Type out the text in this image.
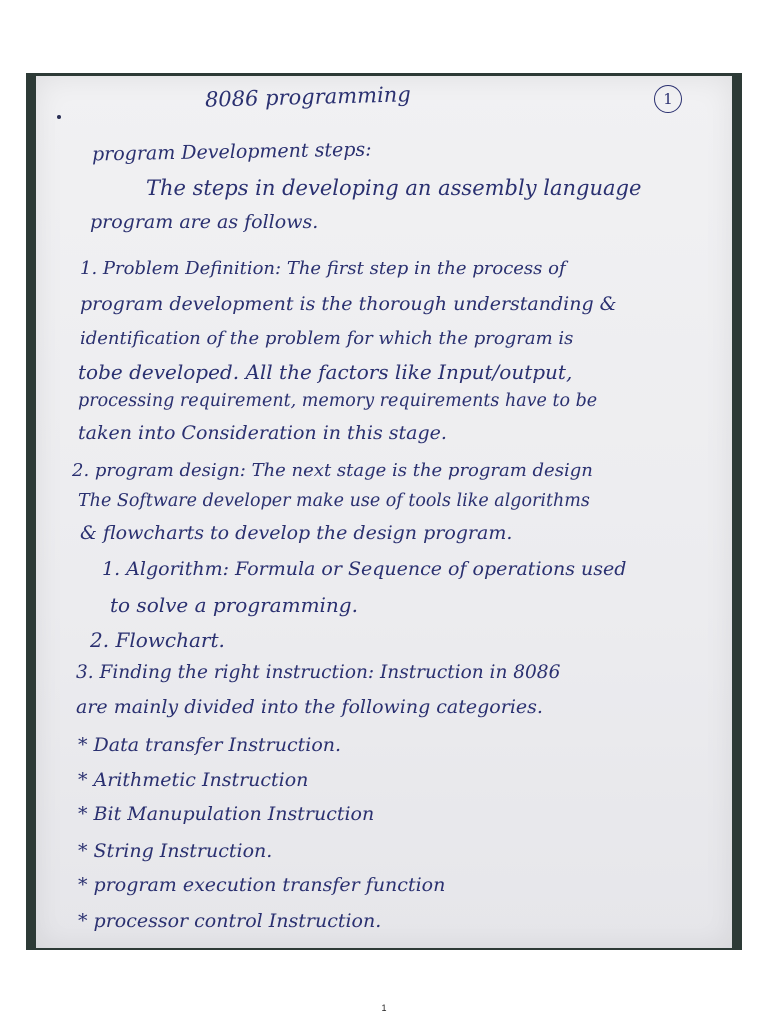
8086 programming	1
program Development steps:
The steps in developing an assembly language
program are as follows.
1. Problem Definition: The first step in the process of
program development is the thorough understanding &
identification of the problem for which the program is
tobe developed. All the factors like Input/output,
processing requirement, memory requirements have to be
taken into Consideration in this stage.
2. program design: The next stage is the program design
The Software developer make use of tools like algorithms
& flowcharts to develop the design program.
1. Algorithm: Formula or Sequence of operations used
to solve a programming.
2. Flowchart.
3. Finding the right instruction: Instruction in 8086
are mainly divided into the following categories.
* Data transfer Instruction.
* Arithmetic Instruction
* Bit Manupulation Instruction
* String Instruction.
* program execution transfer function
* processor control Instruction.
1
